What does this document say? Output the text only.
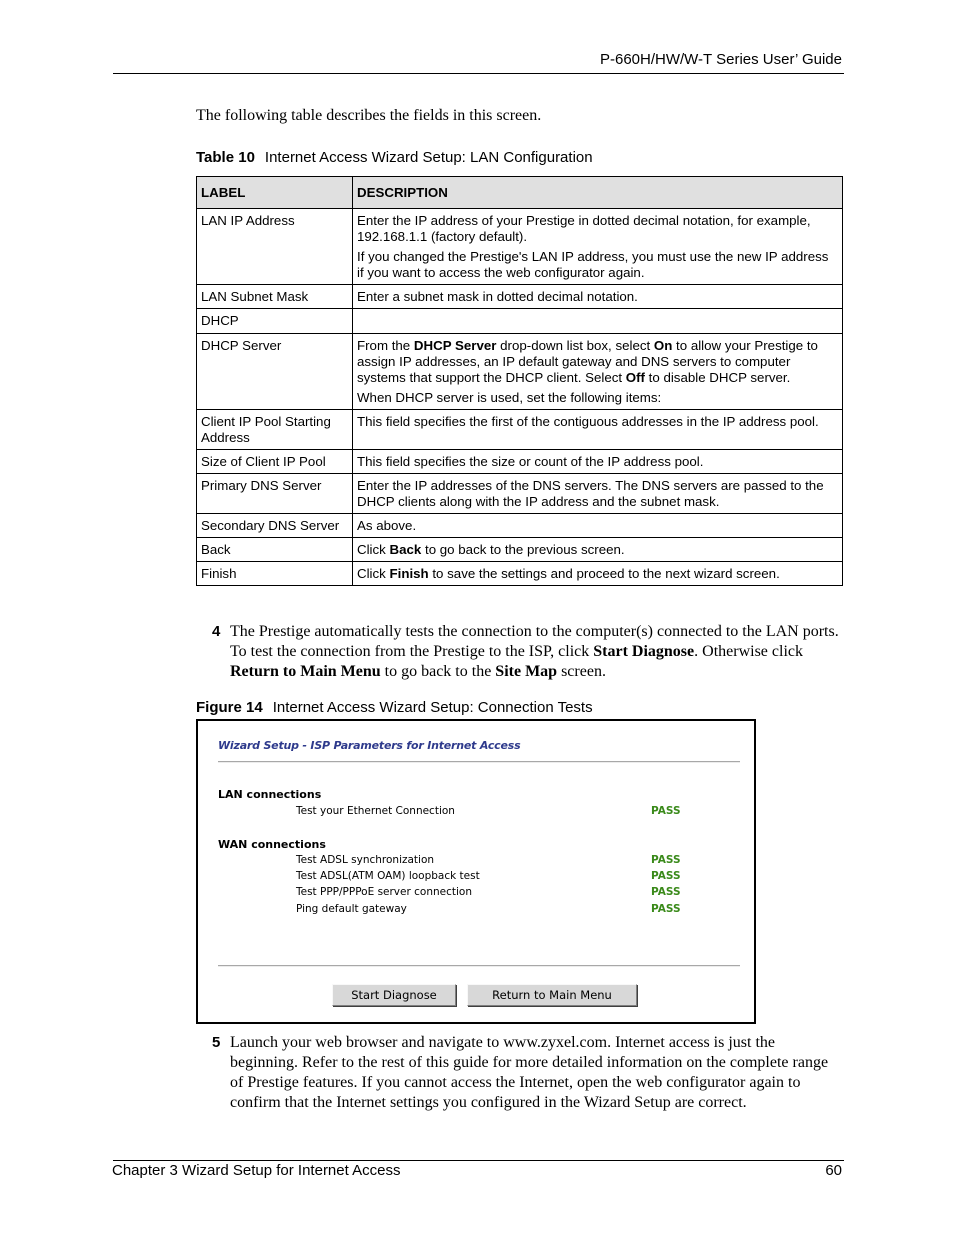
P-660H/HW/W-T Series User’ Guide
The following table describes the fields in this screen.
Table 10 Internet Access Wizard Setup: LAN Configuration
LABEL	DESCRIPTION
LAN IP Address	Enter the IP address of your Prestige in dotted decimal notation, for example, 192.168.1.1 (factory default).

If you changed the Prestige's LAN IP address, you must use the new IP address if you want to access the web configurator again.

LAN Subnet Mask	Enter a subnet mask in dotted decimal notation.
DHCP	
DHCP Server	From the DHCP Server drop-down list box, select On to allow your Prestige to assign IP addresses, an IP default gateway and DNS servers to computer systems that support the DHCP client. Select Off to disable DHCP server.

When DHCP server is used, set the following items:

Client IP Pool Starting Address	This field specifies the first of the contiguous addresses in the IP address pool.
Size of Client IP Pool	This field specifies the size or count of the IP address pool.
Primary DNS Server	Enter the IP addresses of the DNS servers. The DNS servers are passed to the DHCP clients along with the IP address and the subnet mask.
Secondary DNS Server	As above.
Back	Click Back to go back to the previous screen.
Finish	Click Finish to save the settings and proceed to the next wizard screen.
4 The Prestige automatically tests the connection to the computer(s) connected to the LAN ports. To test the connection from the Prestige to the ISP, click Start Diagnose. Otherwise click Return to Main Menu to go back to the Site Map screen.
Figure 14 Internet Access Wizard Setup: Connection Tests
Wizard Setup - ISP Parameters for Internet Access
LAN connections
Test your Ethernet Connection	PASS
WAN connections
Test ADSL synchronization	PASS
Test ADSL(ATM OAM) loopback test	PASS
Test PPP/PPPoE server connection	PASS
Ping default gateway	PASS
Start Diagnose	Return to Main Menu
5 Launch your web browser and navigate to www.zyxel.com. Internet access is just the beginning. Refer to the rest of this guide for more detailed information on the complete range of Prestige features. If you cannot access the Internet, open the web configurator again to confirm that the Internet settings you configured in the Wizard Setup are correct.
Chapter 3 Wizard Setup for Internet Access	60
